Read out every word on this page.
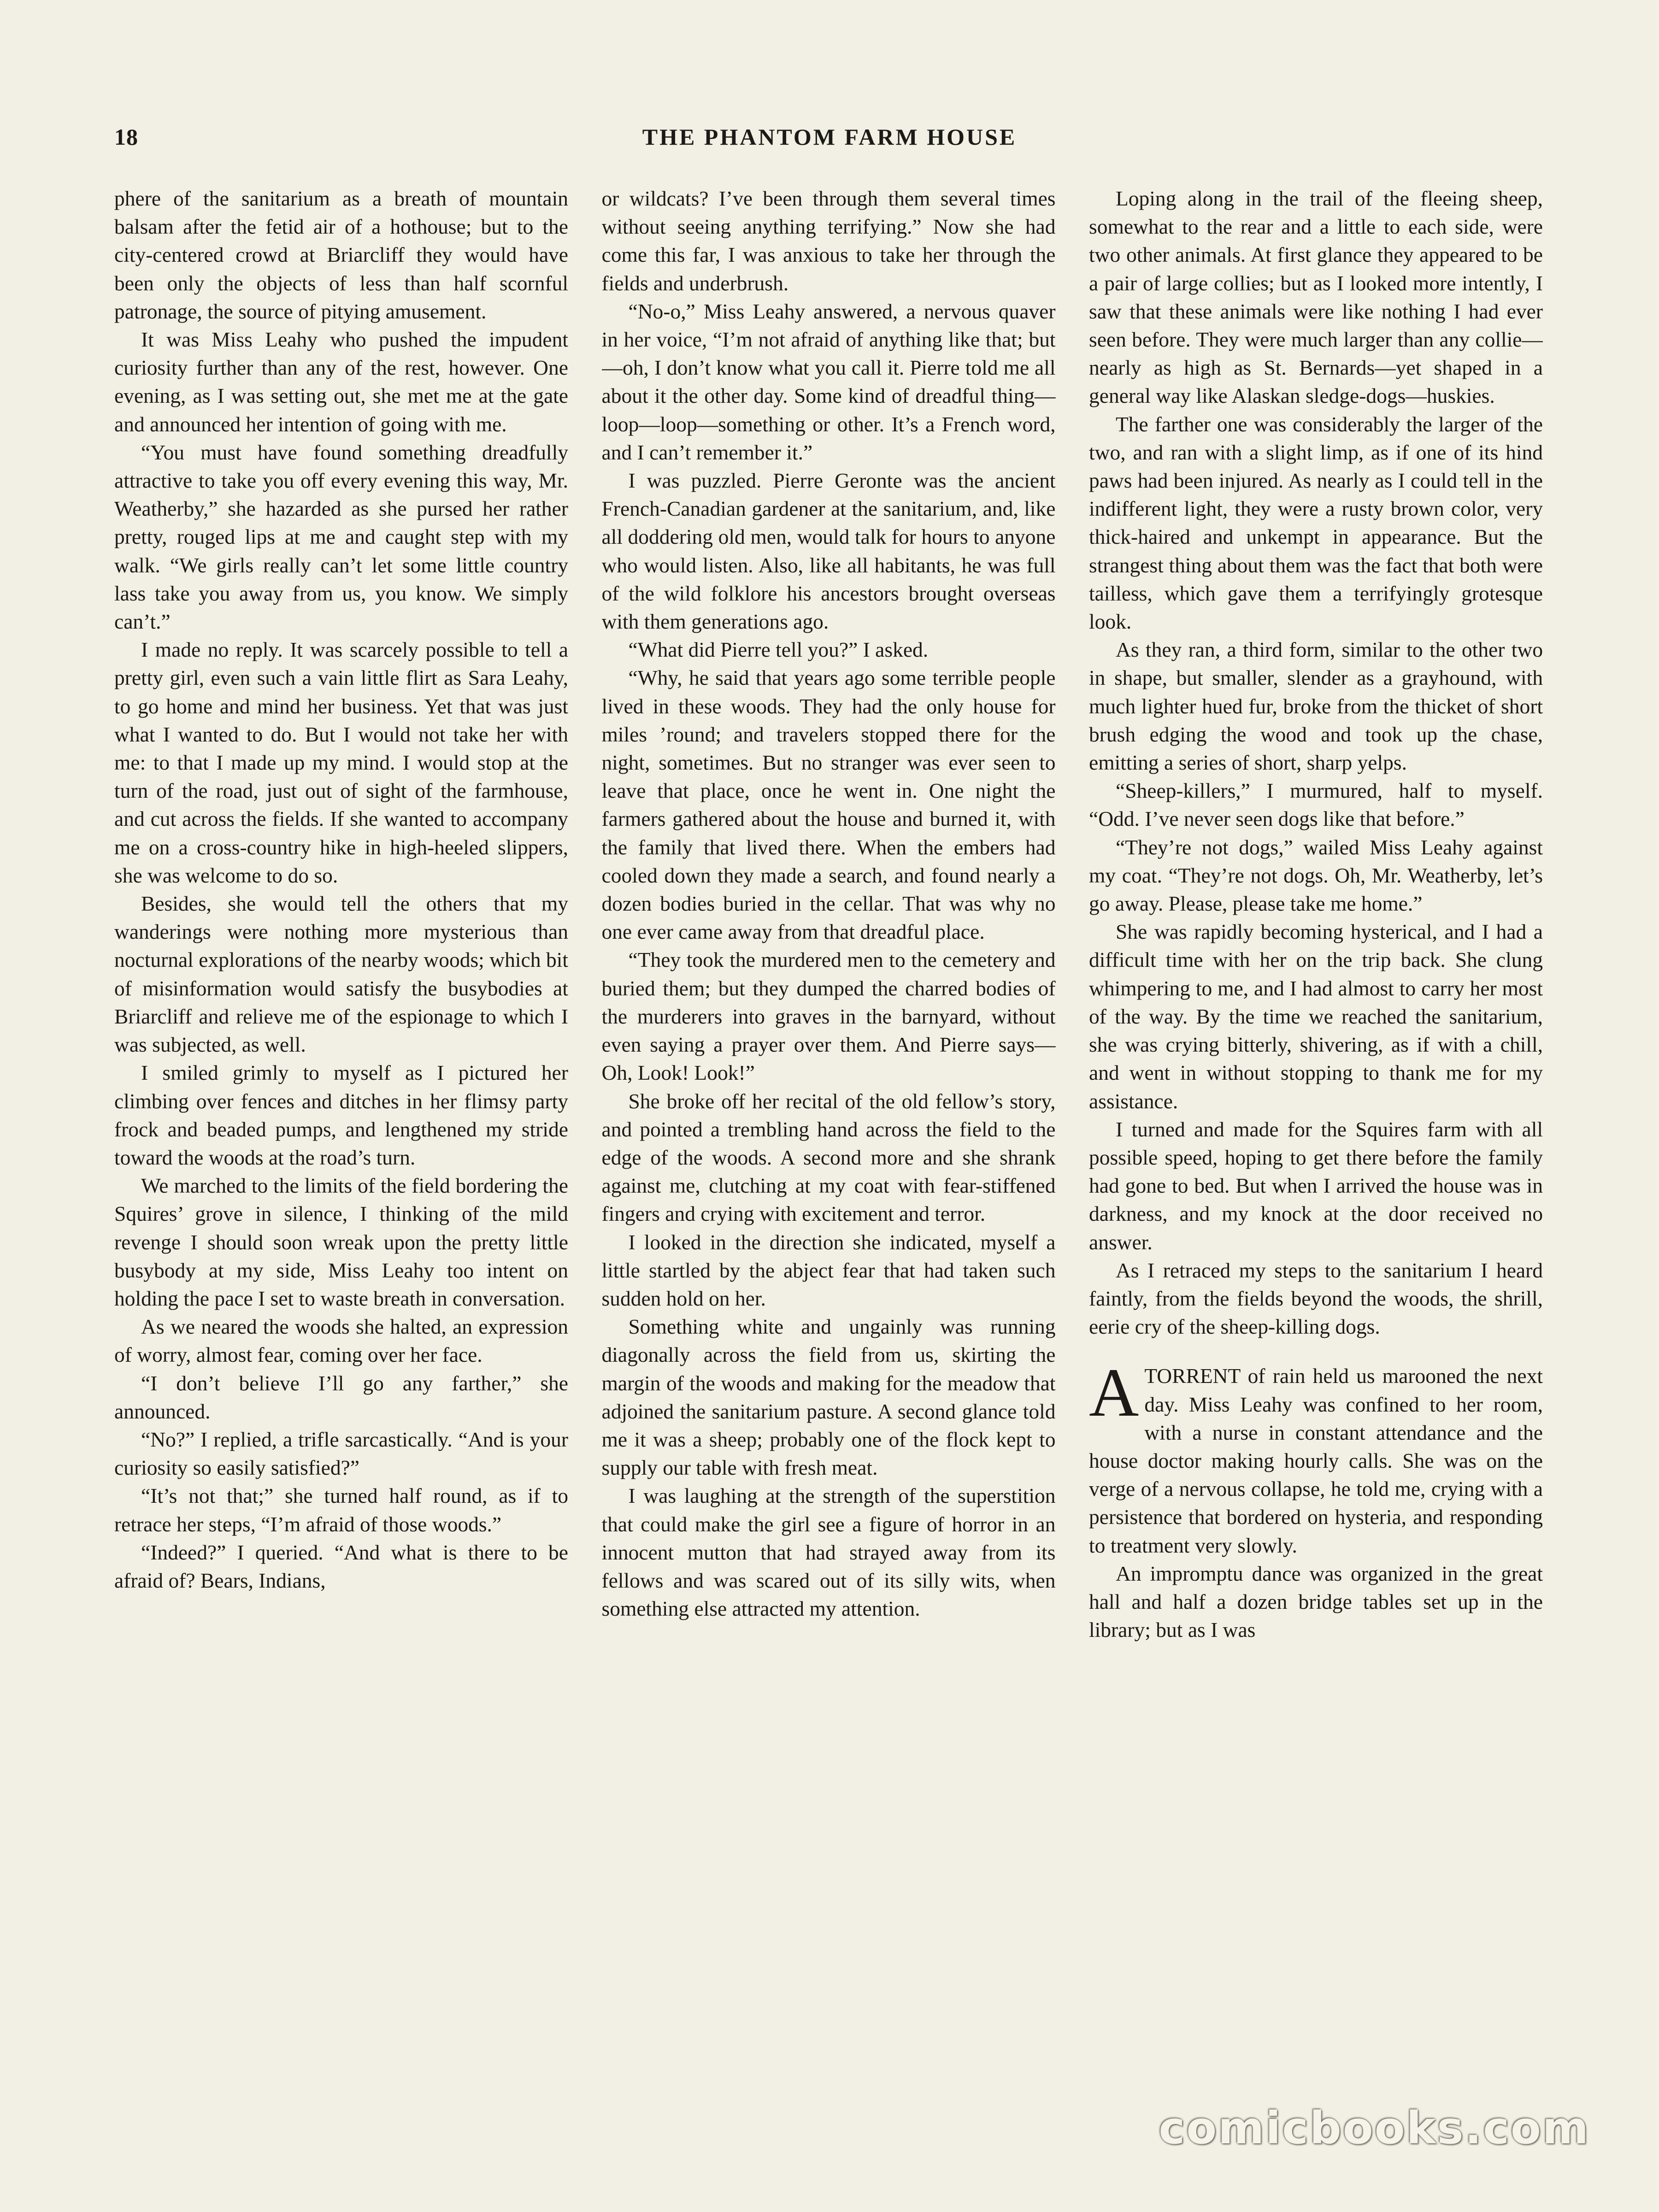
18	THE PHANTOM FARM HOUSE

phere of the sanitarium as a breath of mountain balsam after the fetid air of a hothouse; but to the city-centered crowd at Briarcliff they would have been only the objects of less than half scornful patronage, the source of pitying amusement.

It was Miss Leahy who pushed the impudent curiosity further than any of the rest, however. One evening, as I was setting out, she met me at the gate and announced her intention of going with me.

“You must have found something dreadfully attractive to take you off every evening this way, Mr. Weatherby,” she hazarded as she pursed her rather pretty, rouged lips at me and caught step with my walk. “We girls really can’t let some little country lass take you away from us, you know. We simply can’t.”

I made no reply. It was scarcely possible to tell a pretty girl, even such a vain little flirt as Sara Leahy, to go home and mind her business. Yet that was just what I wanted to do. But I would not take her with me: to that I made up my mind. I would stop at the turn of the road, just out of sight of the farmhouse, and cut across the fields. If she wanted to accompany me on a cross-country hike in high-heeled slippers, she was welcome to do so.

Besides, she would tell the others that my wanderings were nothing more mysterious than nocturnal explorations of the nearby woods; which bit of misinformation would satisfy the busybodies at Briarcliff and relieve me of the espionage to which I was subjected, as well.

I smiled grimly to myself as I pictured her climbing over fences and ditches in her flimsy party frock and beaded pumps, and lengthened my stride toward the woods at the road’s turn.

We marched to the limits of the field bordering the Squires’ grove in silence, I thinking of the mild revenge I should soon wreak upon the pretty little busybody at my side, Miss Leahy too intent on holding the pace I set to waste breath in conversation.

As we neared the woods she halted, an expression of worry, almost fear, coming over her face.

“I don’t believe I’ll go any farther,” she announced.

“No?” I replied, a trifle sarcastically. “And is your curiosity so easily satisfied?”

“It’s not that;” she turned half round, as if to retrace her steps, “I’m afraid of those woods.”

“Indeed?” I queried. “And what is there to be afraid of? Bears, Indians,

or wildcats? I’ve been through them several times without seeing anything terrifying.” Now she had come this far, I was anxious to take her through the fields and underbrush.

“No-o,” Miss Leahy answered, a nervous quaver in her voice, “I’m not afraid of anything like that; but—oh, I don’t know what you call it. Pierre told me all about it the other day. Some kind of dreadful thing—loop—loop—something or other. It’s a French word, and I can’t remember it.”

I was puzzled. Pierre Geronte was the ancient French-Canadian gardener at the sanitarium, and, like all doddering old men, would talk for hours to anyone who would listen. Also, like all habitants, he was full of the wild folklore his ancestors brought overseas with them generations ago.

“What did Pierre tell you?” I asked.

“Why, he said that years ago some terrible people lived in these woods. They had the only house for miles ’round; and travelers stopped there for the night, sometimes. But no stranger was ever seen to leave that place, once he went in. One night the farmers gathered about the house and burned it, with the family that lived there. When the embers had cooled down they made a search, and found nearly a dozen bodies buried in the cellar. That was why no one ever came away from that dreadful place.

“They took the murdered men to the cemetery and buried them; but they dumped the charred bodies of the murderers into graves in the barnyard, without even saying a prayer over them. And Pierre says—Oh, Look! Look!”

She broke off her recital of the old fellow’s story, and pointed a trembling hand across the field to the edge of the woods. A second more and she shrank against me, clutching at my coat with fear-stiffened fingers and crying with excitement and terror.

I looked in the direction she indicated, myself a little startled by the abject fear that had taken such sudden hold on her.

Something white and ungainly was running diagonally across the field from us, skirting the margin of the woods and making for the meadow that adjoined the sanitarium pasture. A second glance told me it was a sheep; probably one of the flock kept to supply our table with fresh meat.

I was laughing at the strength of the superstition that could make the girl see a figure of horror in an innocent mutton that had strayed away from its fellows and was scared out of its silly wits, when something else attracted my attention.

Loping along in the trail of the fleeing sheep, somewhat to the rear and a little to each side, were two other animals. At first glance they appeared to be a pair of large collies; but as I looked more intently, I saw that these animals were like nothing I had ever seen before. They were much larger than any collie—nearly as high as St. Bernards—yet shaped in a general way like Alaskan sledge-dogs—huskies.

The farther one was considerably the larger of the two, and ran with a slight limp, as if one of its hind paws had been injured. As nearly as I could tell in the indifferent light, they were a rusty brown color, very thick-haired and unkempt in appearance. But the strangest thing about them was the fact that both were tailless, which gave them a terrifyingly grotesque look.

As they ran, a third form, similar to the other two in shape, but smaller, slender as a grayhound, with much lighter hued fur, broke from the thicket of short brush edging the wood and took up the chase, emitting a series of short, sharp yelps.

“Sheep-killers,” I murmured, half to myself. “Odd. I’ve never seen dogs like that before.”

“They’re not dogs,” wailed Miss Leahy against my coat. “They’re not dogs. Oh, Mr. Weatherby, let’s go away. Please, please take me home.”

She was rapidly becoming hysterical, and I had a difficult time with her on the trip back. She clung whimpering to me, and I had almost to carry her most of the way. By the time we reached the sanitarium, she was crying bitterly, shivering, as if with a chill, and went in without stopping to thank me for my assistance.

I turned and made for the Squires farm with all possible speed, hoping to get there before the family had gone to bed. But when I arrived the house was in darkness, and my knock at the door received no answer.

As I retraced my steps to the sanitarium I heard faintly, from the fields beyond the woods, the shrill, eerie cry of the sheep-killing dogs.

ATORRENT of rain held us marooned the next day. Miss Leahy was confined to her room, with a nurse in constant attendance and the house doctor making hourly calls. She was on the verge of a nervous collapse, he told me, crying with a persistence that bordered on hysteria, and responding to treatment very slowly.

An impromptu dance was organized in the great hall and half a dozen bridge tables set up in the library; but as I was

comicbooks.com
